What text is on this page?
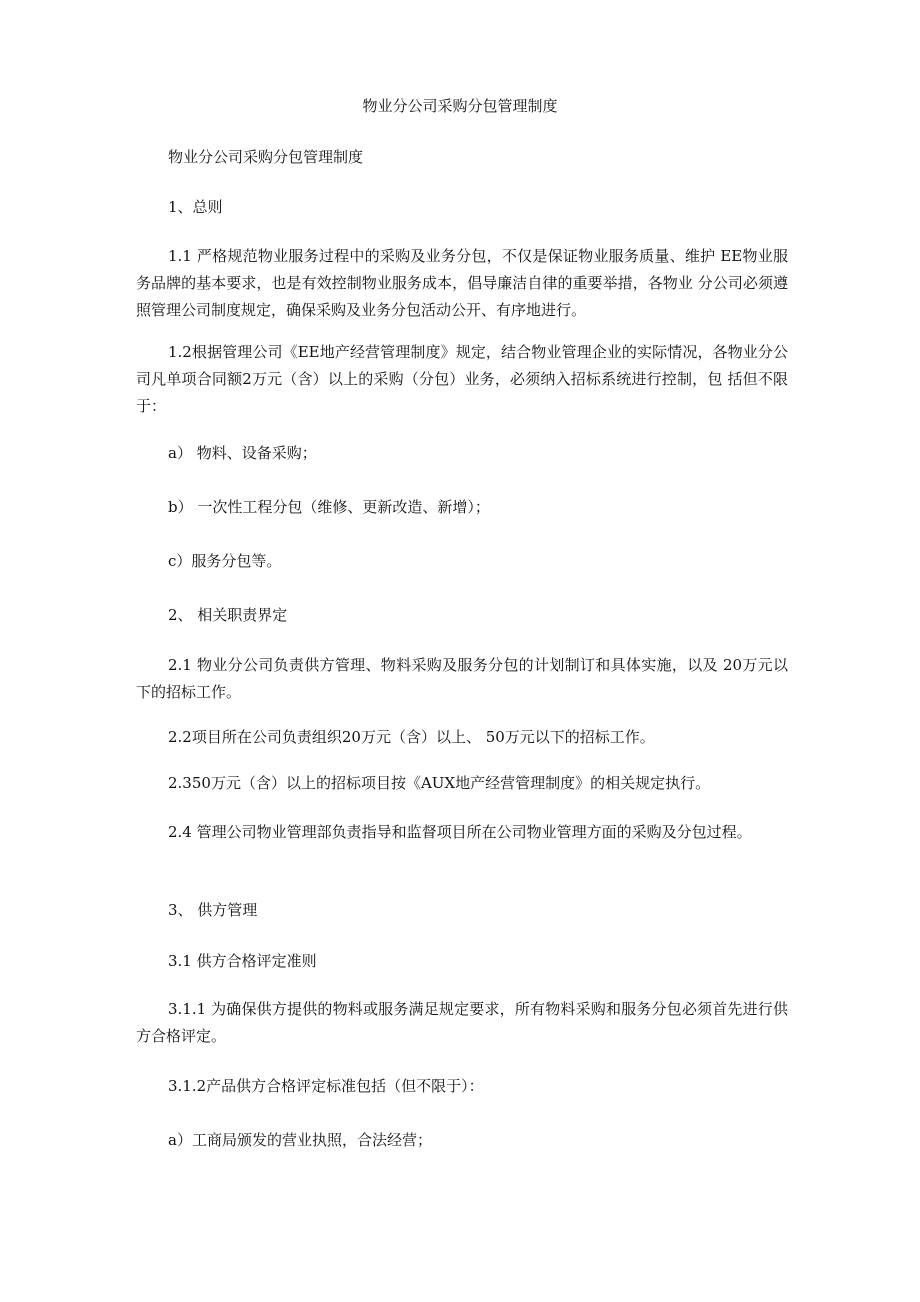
物业分公司采购分包管理制度
物业分公司采购分包管理制度
1、总则
1.1 严格规范物业服务过程中的采购及业务分包，不仅是保证物业服务质量、维护 EE物业服务品牌的基本要求，也是有效控制物业服务成本，倡导廉洁自律的重要举措，各物业 分公司必须遵照管理公司制度规定，确保采购及业务分包活动公开、有序地进行。
1.2根据管理公司《EE地产经营管理制度》规定，结合物业管理企业的实际情况，各物业分公司凡单项合同额2万元（含）以上的采购（分包）业务，必须纳入招标系统进行控制，包 括但不限于：
a） 物料、设备采购；
b） 一次性工程分包（维修、更新改造、新增）；
c）服务分包等。
2、 相关职责界定
2.1 物业分公司负责供方管理、物料采购及服务分包的计划制订和具体实施，以及 20万元以下的招标工作。
2.2项目所在公司负责组织20万元（含）以上、 50万元以下的招标工作。
2.350万元（含）以上的招标项目按《AUX地产经营管理制度》的相关规定执行。
2.4 管理公司物业管理部负责指导和监督项目所在公司物业管理方面的采购及分包过程。
3、 供方管理
3.1 供方合格评定准则
3.1.1 为确保供方提供的物料或服务满足规定要求，所有物料采购和服务分包必须首先进行供方合格评定。
3.1.2产品供方合格评定标准包括（但不限于）：
a）工商局颁发的营业执照，合法经营；
